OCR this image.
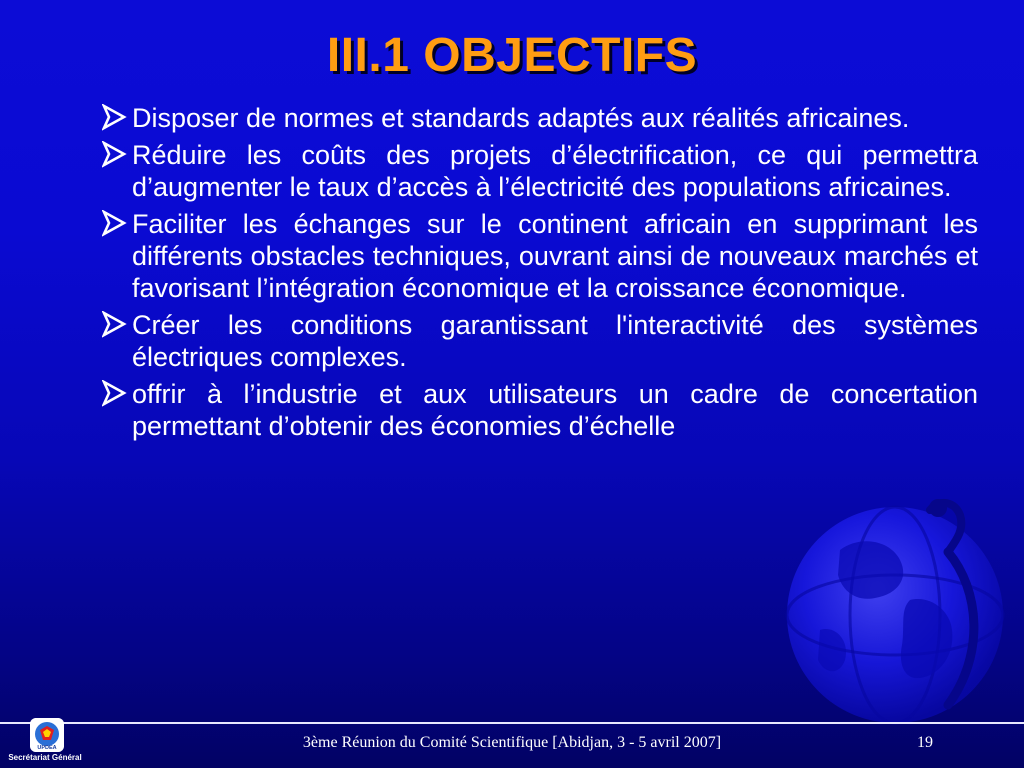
III.1 OBJECTIFS
Disposer de normes et standards adaptés aux réalités africaines.
Réduire les coûts des projets d’électrification, ce qui permettra d’augmenter le taux d’accès à l’électricité des populations africaines.
Faciliter les échanges sur le continent africain en supprimant les différents obstacles techniques, ouvrant ainsi de nouveaux marchés et favorisant l’intégration économique et la croissance économique.
Créer les conditions garantissant l'interactivité des systèmes électriques complexes.
offrir à l’industrie et aux utilisateurs un cadre de concertation permettant d’obtenir des économies d’échelle
UPDEA
Secrétariat Général
3ème Réunion du Comité Scientifique [Abidjan, 3 - 5 avril 2007]	19
